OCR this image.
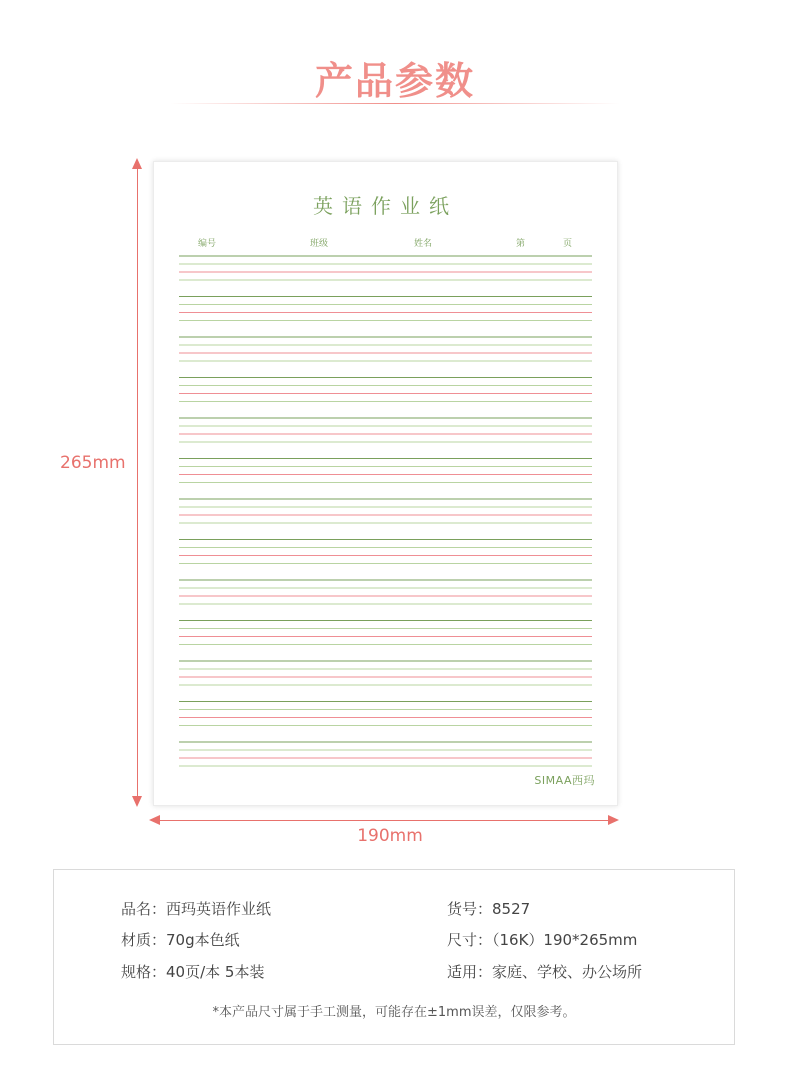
产品参数
265mm
英语作业纸
编号	班级	姓名	第	页
SIMAA西玛
190mm
品名：西玛英语作业纸	货号：8527
材质：70g本色纸	尺寸：（16K）190*265mm
规格：40页/本 5本装	适用：家庭、学校、办公场所
*本产品尺寸属于手工测量，可能存在±1mm误差，仅限参考。
